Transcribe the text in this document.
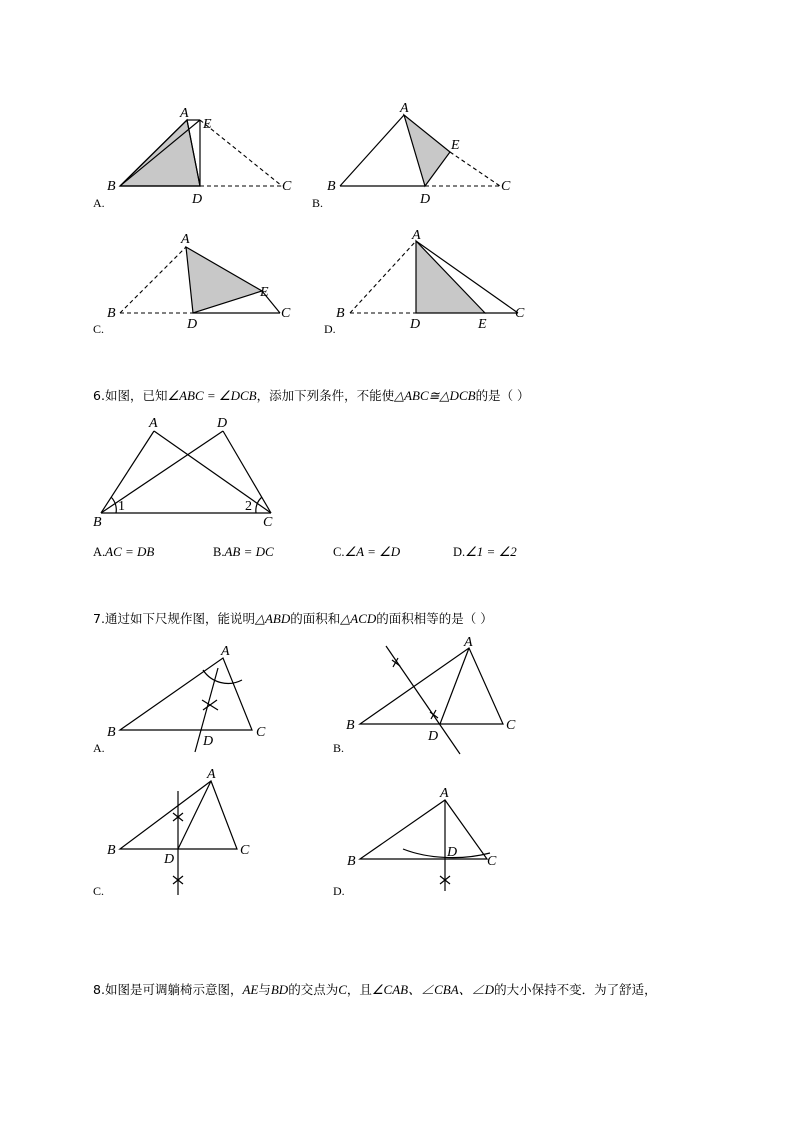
A
E
B
D
C
A.
A
E
B
D
C
B.
A
E
B
D
C
C.
A
B
D	E
C
D.
6.如图，已知∠ABC = ∠DCB，添加下列条件，不能使△ABC≅△DCB的是（ ）
A	D
B	C
1	2
A.AC = DB	B.AB = DC	C.∠A = ∠D	D.∠1 = ∠2
7.通过如下尺规作图，能说明△ABD的面积和△ACD的面积相等的是（ ）
A
B
D
C
A.
A
B
D
C
B.
A
B
D
C
C.
A
B
D
C
D.
8.如图是可调躺椅示意图，AE与BD的交点为C，且∠CAB、∠CBA、∠D的大小保持不变．为了舒适，
